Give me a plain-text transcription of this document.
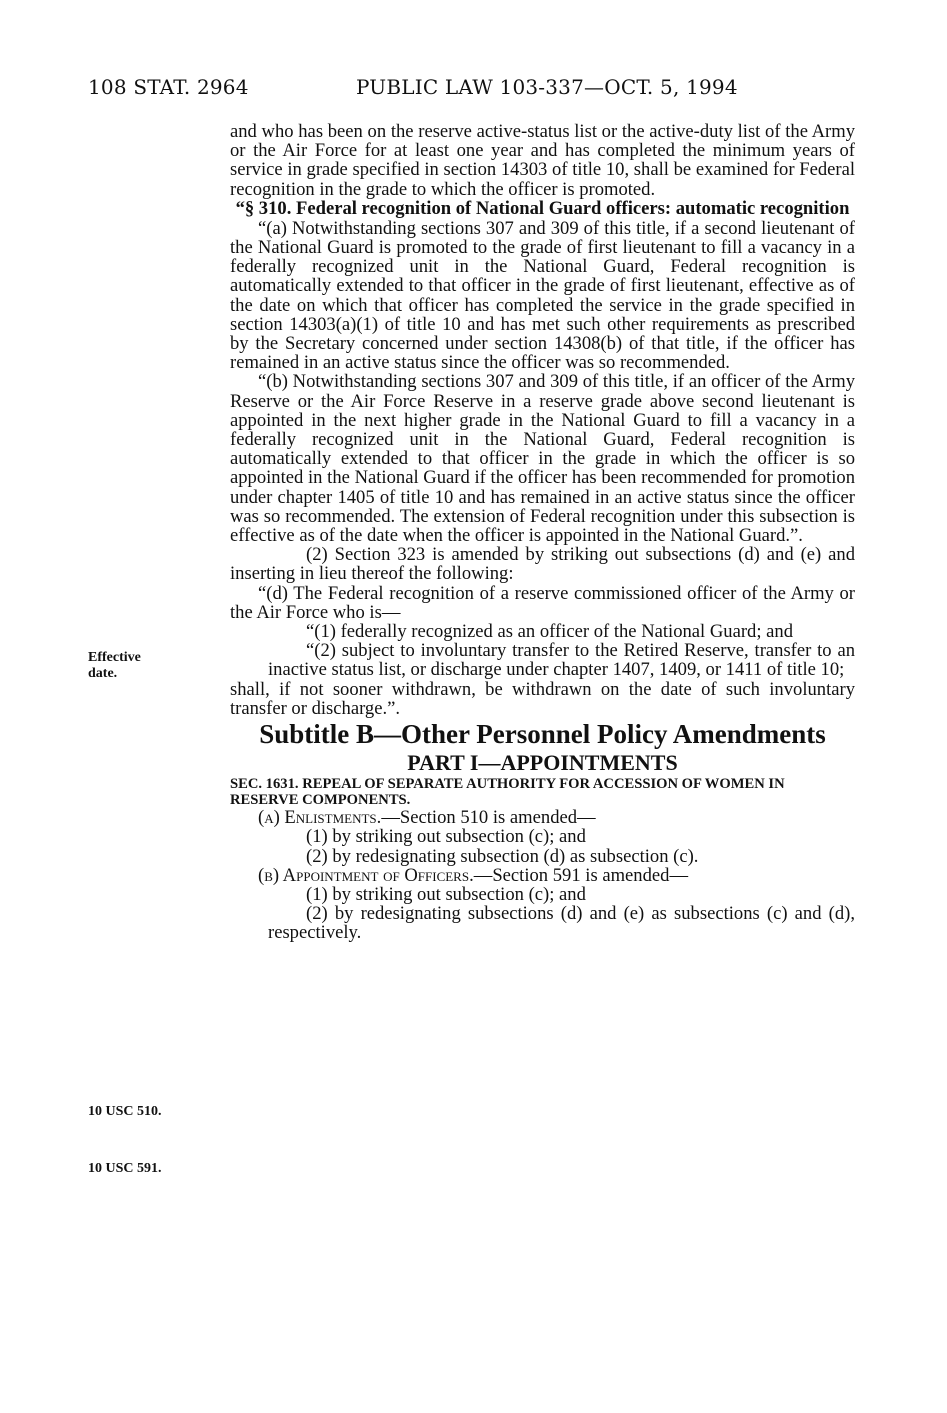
108 STAT. 2964	PUBLIC LAW 103-337—OCT. 5, 1994
Effective date.
10 USC 510.
10 USC 591.

and who has been on the reserve active-status list or the active-duty list of the Army or the Air Force for at least one year and has completed the minimum years of service in grade specified in section 14303 of title 10, shall be examined for Federal recognition in the grade to which the officer is promoted.

“§ 310. Federal recognition of National Guard officers: automatic recognition

“(a) Notwithstanding sections 307 and 309 of this title, if a second lieutenant of the National Guard is promoted to the grade of first lieutenant to fill a vacancy in a federally recognized unit in the National Guard, Federal recognition is automatically extended to that officer in the grade of first lieutenant, effective as of the date on which that officer has completed the service in the grade specified in section 14303(a)(1) of title 10 and has met such other requirements as prescribed by the Secretary concerned under section 14308(b) of that title, if the officer has remained in an active status since the officer was so recommended.

“(b) Notwithstanding sections 307 and 309 of this title, if an officer of the Army Reserve or the Air Force Reserve in a reserve grade above second lieutenant is appointed in the next higher grade in the National Guard to fill a vacancy in a federally recognized unit in the National Guard, Federal recognition is automatically extended to that officer in the grade in which the officer is so appointed in the National Guard if the officer has been recommended for promotion under chapter 1405 of title 10 and has remained in an active status since the officer was so recommended. The extension of Federal recognition under this subsection is effective as of the date when the officer is appointed in the National Guard.”.

(2) Section 323 is amended by striking out subsections (d) and (e) and inserting in lieu thereof the following:

“(d) The Federal recognition of a reserve commissioned officer of the Army or the Air Force who is—

“(1) federally recognized as an officer of the National Guard; and

“(2) subject to involuntary transfer to the Retired Reserve, transfer to an inactive status list, or discharge under chapter 1407, 1409, or 1411 of title 10;

shall, if not sooner withdrawn, be withdrawn on the date of such involuntary transfer or discharge.”.

Subtitle B—Other Personnel Policy Amendments

PART I—APPOINTMENTS

SEC. 1631. REPEAL OF SEPARATE AUTHORITY FOR ACCESSION OF WOMEN IN RESERVE COMPONENTS.

(a) Enlistments.—Section 510 is amended—

(1) by striking out subsection (c); and

(2) by redesignating subsection (d) as subsection (c).

(b) Appointment of Officers.—Section 591 is amended—

(1) by striking out subsection (c); and

(2) by redesignating subsections (d) and (e) as subsections (c) and (d), respectively.
